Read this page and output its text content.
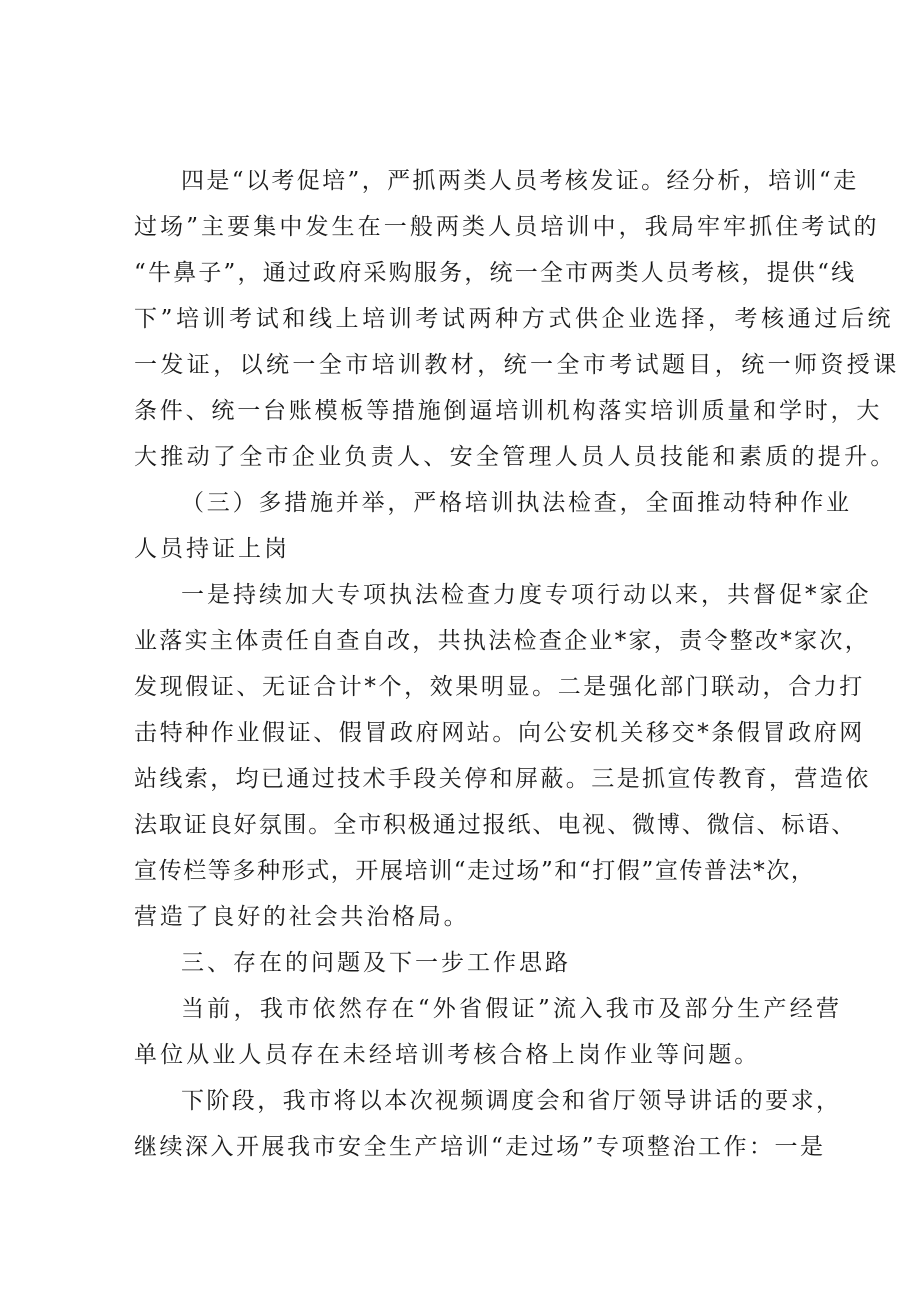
四是“以考促培”，严抓两类人员考核发证。经分析，培训“走
过场”主要集中发生在一般两类人员培训中，我局牢牢抓住考试的
“牛鼻子”，通过政府采购服务，统一全市两类人员考核，提供“线
下”培训考试和线上培训考试两种方式供企业选择，考核通过后统
一发证，以统一全市培训教材，统一全市考试题目，统一师资授课
条件、统一台账模板等措施倒逼培训机构落实培训质量和学时，大
大推动了全市企业负责人、安全管理人员人员技能和素质的提升。
（三）多措施并举，严格培训执法检查，全面推动特种作业
人员持证上岗
一是持续加大专项执法检查力度专项行动以来，共督促*家企
业落实主体责任自查自改，共执法检查企业*家，责令整改*家次，
发现假证、无证合计*个，效果明显。二是强化部门联动，合力打
击特种作业假证、假冒政府网站。向公安机关移交*条假冒政府网
站线索，均已通过技术手段关停和屏蔽。三是抓宣传教育，营造依
法取证良好氛围。全市积极通过报纸、电视、微博、微信、标语、
宣传栏等多种形式，开展培训“走过场”和“打假”宣传普法*次，
营造了良好的社会共治格局。
三、存在的问题及下一步工作思路
当前，我市依然存在“外省假证”流入我市及部分生产经营
单位从业人员存在未经培训考核合格上岗作业等问题。
下阶段，我市将以本次视频调度会和省厅领导讲话的要求，
继续深入开展我市安全生产培训“走过场”专项整治工作：一是
